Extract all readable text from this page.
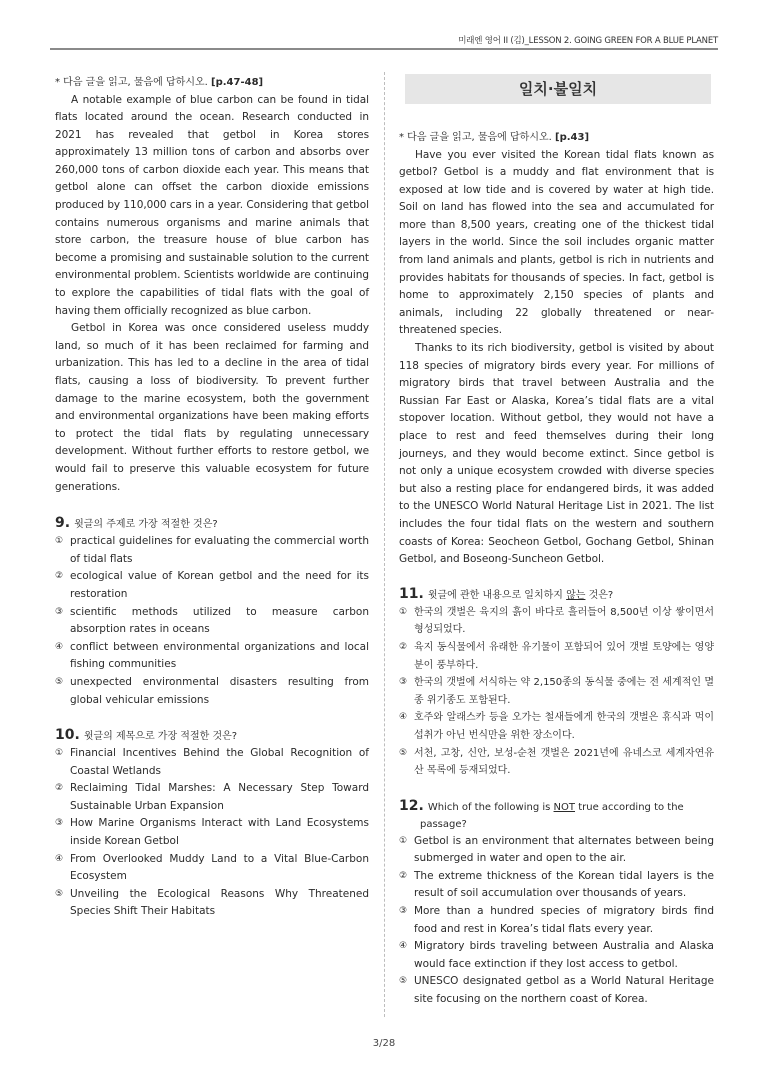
미래엔 영어 II (김)_LESSON 2. GOING GREEN FOR A BLUE PLANET

* 다음 글을 읽고, 물음에 답하시오. [p.47-48]

A notable example of blue carbon can be found in tidal flats located around the ocean. Research conducted in 2021 has revealed that getbol in Korea stores approximately 13 million tons of carbon and absorbs over 260,000 tons of carbon dioxide each year. This means that getbol alone can offset the carbon dioxide emissions produced by 110,000 cars in a year. Considering that getbol contains numerous organisms and marine animals that store carbon, the treasure house of blue carbon has become a promising and sustainable solution to the current environmental problem. Scientists worldwide are continuing to explore the capabilities of tidal flats with the goal of having them officially recognized as blue carbon.

Getbol in Korea was once considered useless muddy land, so much of it has been reclaimed for farming and urbanization. This has led to a decline in the area of tidal flats, causing a loss of biodiversity. To prevent further damage to the marine ecosystem, both the government and environmental organizations have been making efforts to protect the tidal flats by regulating unnecessary development. Without further efforts to restore getbol, we would fail to preserve this valuable ecosystem for future generations.

9. 윗글의 주제로 가장 적절한 것은?

① practical guidelines for evaluating the commercial worth of tidal flats

② ecological value of Korean getbol and the need for its restoration

③ scientific methods utilized to measure carbon absorption rates in oceans

④ conflict between environmental organizations and local fishing communities

⑤ unexpected environmental disasters resulting from global vehicular emissions

10. 윗글의 제목으로 가장 적절한 것은?

① Financial Incentives Behind the Global Recognition of Coastal Wetlands

② Reclaiming Tidal Marshes: A Necessary Step Toward Sustainable Urban Expansion

③ How Marine Organisms Interact with Land Ecosystems inside Korean Getbol

④ From Overlooked Muddy Land to a Vital Blue-Carbon Ecosystem

⑤ Unveiling the Ecological Reasons Why Threatened Species Shift Their Habitats

일치·불일치

* 다음 글을 읽고, 물음에 답하시오. [p.43]

Have you ever visited the Korean tidal flats known as getbol? Getbol is a muddy and flat environment that is exposed at low tide and is covered by water at high tide. Soil on land has flowed into the sea and accumulated for more than 8,500 years, creating one of the thickest tidal layers in the world. Since the soil includes organic matter from land animals and plants, getbol is rich in nutrients and provides habitats for thousands of species. In fact, getbol is home to approximately 2,150 species of plants and animals, including 22 globally threatened or near-threatened species.

Thanks to its rich biodiversity, getbol is visited by about 118 species of migratory birds every year. For millions of migratory birds that travel between Australia and the Russian Far East or Alaska, Korea’s tidal flats are a vital stopover location. Without getbol, they would not have a place to rest and feed themselves during their long journeys, and they would become extinct. Since getbol is not only a unique ecosystem crowded with diverse species but also a resting place for endangered birds, it was added to the UNESCO World Natural Heritage List in 2021. The list includes the four tidal flats on the western and southern coasts of Korea: Seocheon Getbol, Gochang Getbol, Shinan Getbol, and Boseong-Suncheon Getbol.

11. 윗글에 관한 내용으로 일치하지 않는 것은?

① 한국의 갯벌은 육지의 흙이 바다로 흘러들어 8,500년 이상 쌓이면서 형성되었다.

② 육지 동식물에서 유래한 유기물이 포함되어 있어 갯벌 토양에는 영양분이 풍부하다.

③ 한국의 갯벌에 서식하는 약 2,150종의 동식물 중에는 전 세계적인 멸종 위기종도 포함된다.

④ 호주와 알래스카 등을 오가는 철새들에게 한국의 갯벌은 휴식과 먹이 섭취가 아닌 번식만을 위한 장소이다.

⑤ 서천, 고창, 신안, 보성-순천 갯벌은 2021년에 유네스코 세계자연유산 목록에 등재되었다.

12. Which of the following is NOT true according to the passage?

① Getbol is an environment that alternates between being submerged in water and open to the air.

② The extreme thickness of the Korean tidal layers is the result of soil accumulation over thousands of years.

③ More than a hundred species of migratory birds find food and rest in Korea’s tidal flats every year.

④ Migratory birds traveling between Australia and Alaska would face extinction if they lost access to getbol.

⑤ UNESCO designated getbol as a World Natural Heritage site focusing on the northern coast of Korea.

3/28
